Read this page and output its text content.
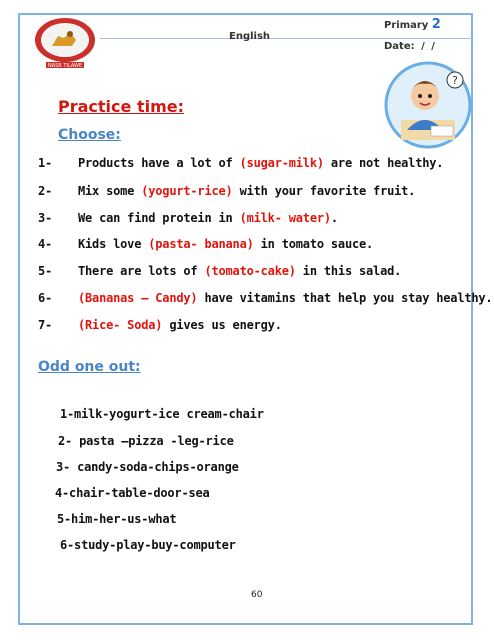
NASR TILAWE
English
Primary 2
Date: / /
?
Practice time:
Choose:
1- Products have a lot of (sugar-milk) are not healthy.
2- Mix some (yogurt-rice) with your favorite fruit.
3- We can find protein in (milk- water).
4- Kids love (pasta- banana) in tomato sauce.
5- There are lots of (tomato-cake) in this salad.
6- (Bananas – Candy) have vitamins that help you stay healthy.
7- (Rice- Soda) gives us energy.
Odd one out:
1-milk-yogurt-ice cream-chair
2- pasta –pizza -leg-rice
3- candy-soda-chips-orange
4-chair-table-door-sea
5-him-her-us-what
6-study-play-buy-computer
60
